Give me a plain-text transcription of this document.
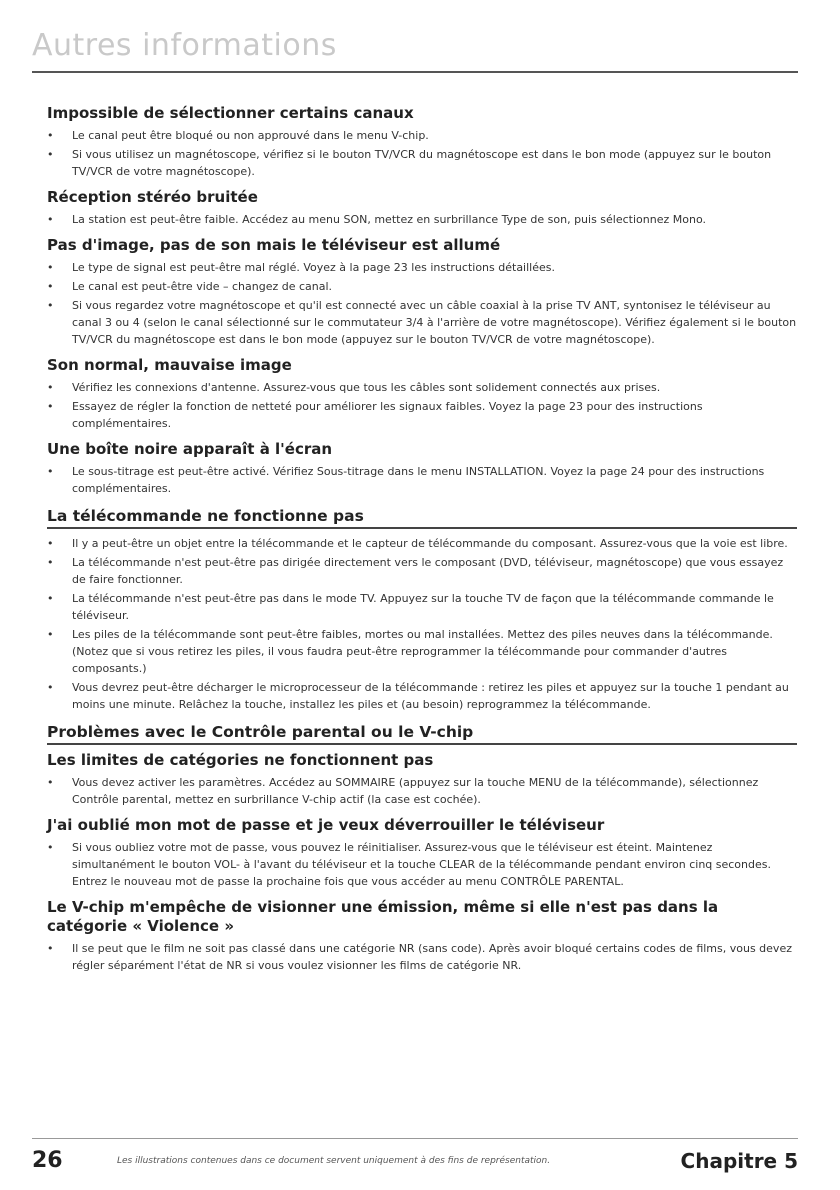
Autres informations
Impossible de sélectionner certains canaux
• Le canal peut être bloqué ou non approuvé dans le menu V-chip.
• Si vous utilisez un magnétoscope, vérifiez si le bouton TV/VCR du magnétoscope est dans le bon mode (appuyez sur le bouton TV/VCR de votre magnétoscope).
Réception stéréo bruitée
• La station est peut-être faible. Accédez au menu SON, mettez en surbrillance Type de son, puis sélectionnez Mono.
Pas d'image, pas de son mais le téléviseur est allumé
• Le type de signal est peut-être mal réglé. Voyez à la page 23 les instructions détaillées.
• Le canal est peut-être vide – changez de canal.
• Si vous regardez votre magnétoscope et qu'il est connecté avec un câble coaxial à la prise TV ANT, syntonisez le téléviseur au canal 3 ou 4 (selon le canal sélectionné sur le commutateur 3/4 à l'arrière de votre magnétoscope). Vérifiez également si le bouton TV/VCR du magnétoscope est dans le bon mode (appuyez sur le bouton TV/VCR de votre magnétoscope).
Son normal, mauvaise image
• Vérifiez les connexions d'antenne. Assurez-vous que tous les câbles sont solidement connectés aux prises.
• Essayez de régler la fonction de netteté pour améliorer les signaux faibles. Voyez la page 23 pour des instructions complémentaires.
Une boîte noire apparaît à l'écran
• Le sous-titrage est peut-être activé. Vérifiez Sous-titrage dans le menu INSTALLATION. Voyez la page 24 pour des instructions complémentaires.
La télécommande ne fonctionne pas
• Il y a peut-être un objet entre la télécommande et le capteur de télécommande du composant. Assurez-vous que la voie est libre.
• La télécommande n'est peut-être pas dirigée directement vers le composant (DVD, téléviseur, magnétoscope) que vous essayez de faire fonctionner.
• La télécommande n'est peut-être pas dans le mode TV. Appuyez sur la touche TV de façon que la télécommande commande le téléviseur.
• Les piles de la télécommande sont peut-être faibles, mortes ou mal installées. Mettez des piles neuves dans la télécommande. (Notez que si vous retirez les piles, il vous faudra peut-être reprogrammer la télécommande pour commander d'autres composants.)
• Vous devrez peut-être décharger le microprocesseur de la télécommande : retirez les piles et appuyez sur la touche 1 pendant au moins une minute. Relâchez la touche, installez les piles et (au besoin) reprogrammez la télécommande.
Problèmes avec le Contrôle parental ou le V-chip
Les limites de catégories ne fonctionnent pas
• Vous devez activer les paramètres. Accédez au SOMMAIRE (appuyez sur la touche MENU de la télécommande), sélectionnez Contrôle parental, mettez en surbrillance V-chip actif (la case est cochée).
J'ai oublié mon mot de passe et je veux déverrouiller le téléviseur
• Si vous oubliez votre mot de passe, vous pouvez le réinitialiser. Assurez-vous que le téléviseur est éteint. Maintenez simultanément le bouton VOL- à l'avant du téléviseur et la touche CLEAR de la télécommande pendant environ cinq secondes. Entrez le nouveau mot de passe la prochaine fois que vous accéder au menu CONTRÔLE PARENTAL.
Le V-chip m'empêche de visionner une émission, même si elle n'est pas dans la catégorie « Violence »
• Il se peut que le film ne soit pas classé dans une catégorie NR (sans code). Après avoir bloqué certains codes de films, vous devez régler séparément l'état de NR si vous voulez visionner les films de catégorie NR.
26	Les illustrations contenues dans ce document servent uniquement à des fins de représentation.	Chapitre 5
